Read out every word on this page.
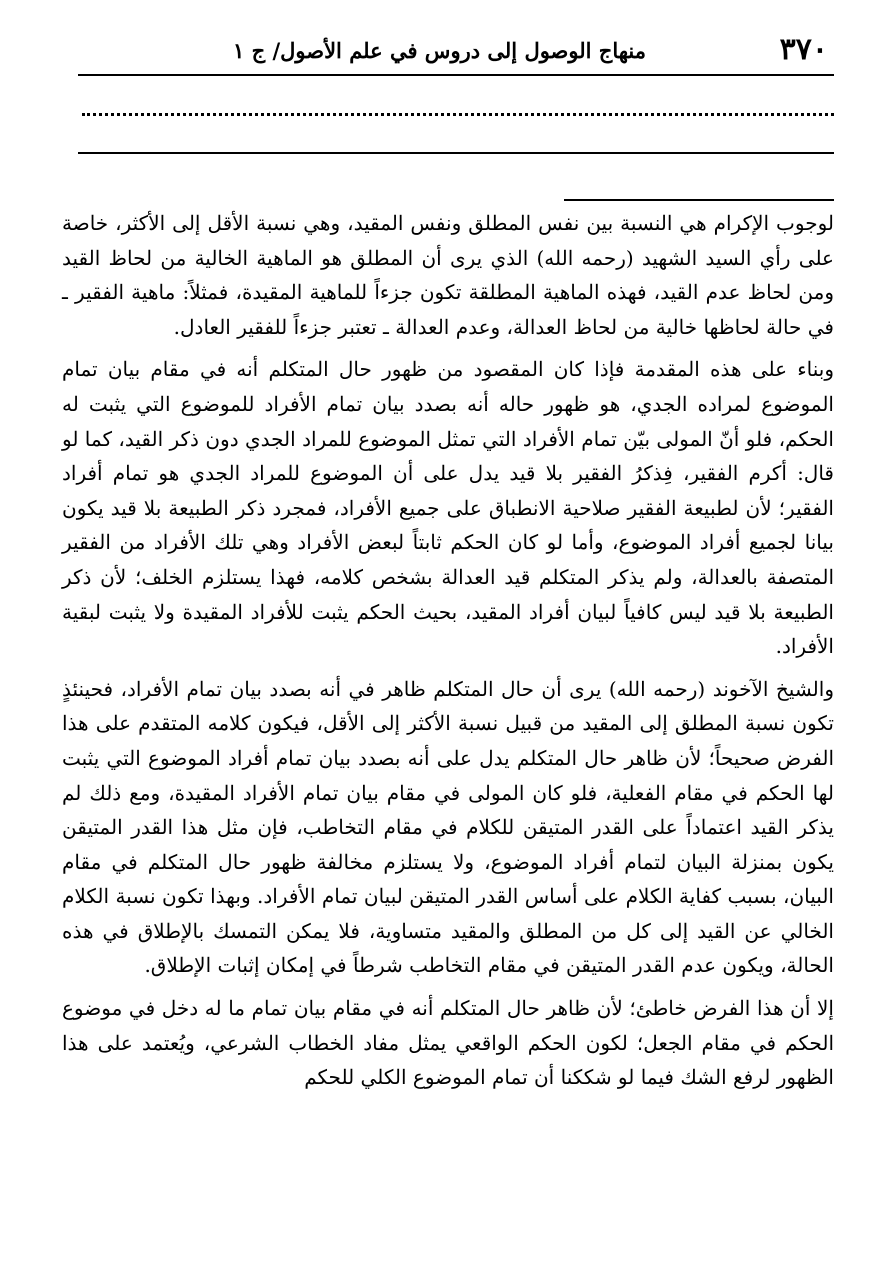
٣٧٠
منهاج الوصول إلى دروس في علم الأصول/ ج ١

لوجوب الإكرام هي النسبة بين نفس المطلق ونفس المقيد، وهي نسبة الأقل إلى الأكثر، خاصة على رأي السيد الشهيد (رحمه الله) الذي يرى أن المطلق هو الماهية الخالية من لحاظ القيد ومن لحاظ عدم القيد، فهذه الماهية المطلقة تكون جزءاً للماهية المقيدة، فمثلاً: ماهية الفقير ـ في حالة لحاظها خالية من لحاظ العدالة، وعدم العدالة ـ تعتبر جزءاً للفقير العادل.

وبناء على هذه المقدمة فإذا كان المقصود من ظهور حال المتكلم أنه في مقام بيان تمام الموضوع لمراده الجدي، هو ظهور حاله أنه بصدد بيان تمام الأفراد للموضوع التي يثبت له الحكم، فلو أنّ المولى بيّن تمام الأفراد التي تمثل الموضوع للمراد الجدي دون ذكر القيد، كما لو قال: أكرم الفقير، فِذكرُ الفقير بلا قيد يدل على أن الموضوع للمراد الجدي هو تمام أفراد الفقير؛ لأن لطبيعة الفقير صلاحية الانطباق على جميع الأفراد، فمجرد ذكر الطبيعة بلا قيد يكون بيانا لجميع أفراد الموضوع، وأما لو كان الحكم ثابتاً لبعض الأفراد وهي تلك الأفراد من الفقير المتصفة بالعدالة، ولم يذكر المتكلم قيد العدالة بشخص كلامه، فهذا يستلزم الخلف؛ لأن ذكر الطبيعة بلا قيد ليس كافياً لبيان أفراد المقيد، بحيث الحكم يثبت للأفراد المقيدة ولا يثبت لبقية الأفراد.

والشيخ الآخوند (رحمه الله) يرى أن حال المتكلم ظاهر في أنه بصدد بيان تمام الأفراد، فحينئذٍ تكون نسبة المطلق إلى المقيد من قبيل نسبة الأكثر إلى الأقل، فيكون كلامه المتقدم على هذا الفرض صحيحاً؛ لأن ظاهر حال المتكلم يدل على أنه بصدد بيان تمام أفراد الموضوع التي يثبت لها الحكم في مقام الفعلية، فلو كان المولى في مقام بيان تمام الأفراد المقيدة، ومع ذلك لم يذكر القيد اعتماداً على القدر المتيقن للكلام في مقام التخاطب، فإن مثل هذا القدر المتيقن يكون بمنزلة البيان لتمام أفراد الموضوع، ولا يستلزم مخالفة ظهور حال المتكلم في مقام البيان، بسبب كفاية الكلام على أساس القدر المتيقن لبيان تمام الأفراد. وبهذا تكون نسبة الكلام الخالي عن القيد إلى كل من المطلق والمقيد متساوية، فلا يمكن التمسك بالإطلاق في هذه الحالة، ويكون عدم القدر المتيقن في مقام التخاطب شرطاً في إمكان إثبات الإطلاق.

إلا أن هذا الفرض خاطئ؛ لأن ظاهر حال المتكلم أنه في مقام بيان تمام ما له دخل في موضوع الحكم في مقام الجعل؛ لكون الحكم الواقعي يمثل مفاد الخطاب الشرعي، ويُعتمد على هذا الظهور لرفع الشك فيما لو شككنا أن تمام الموضوع الكلي للحكم
